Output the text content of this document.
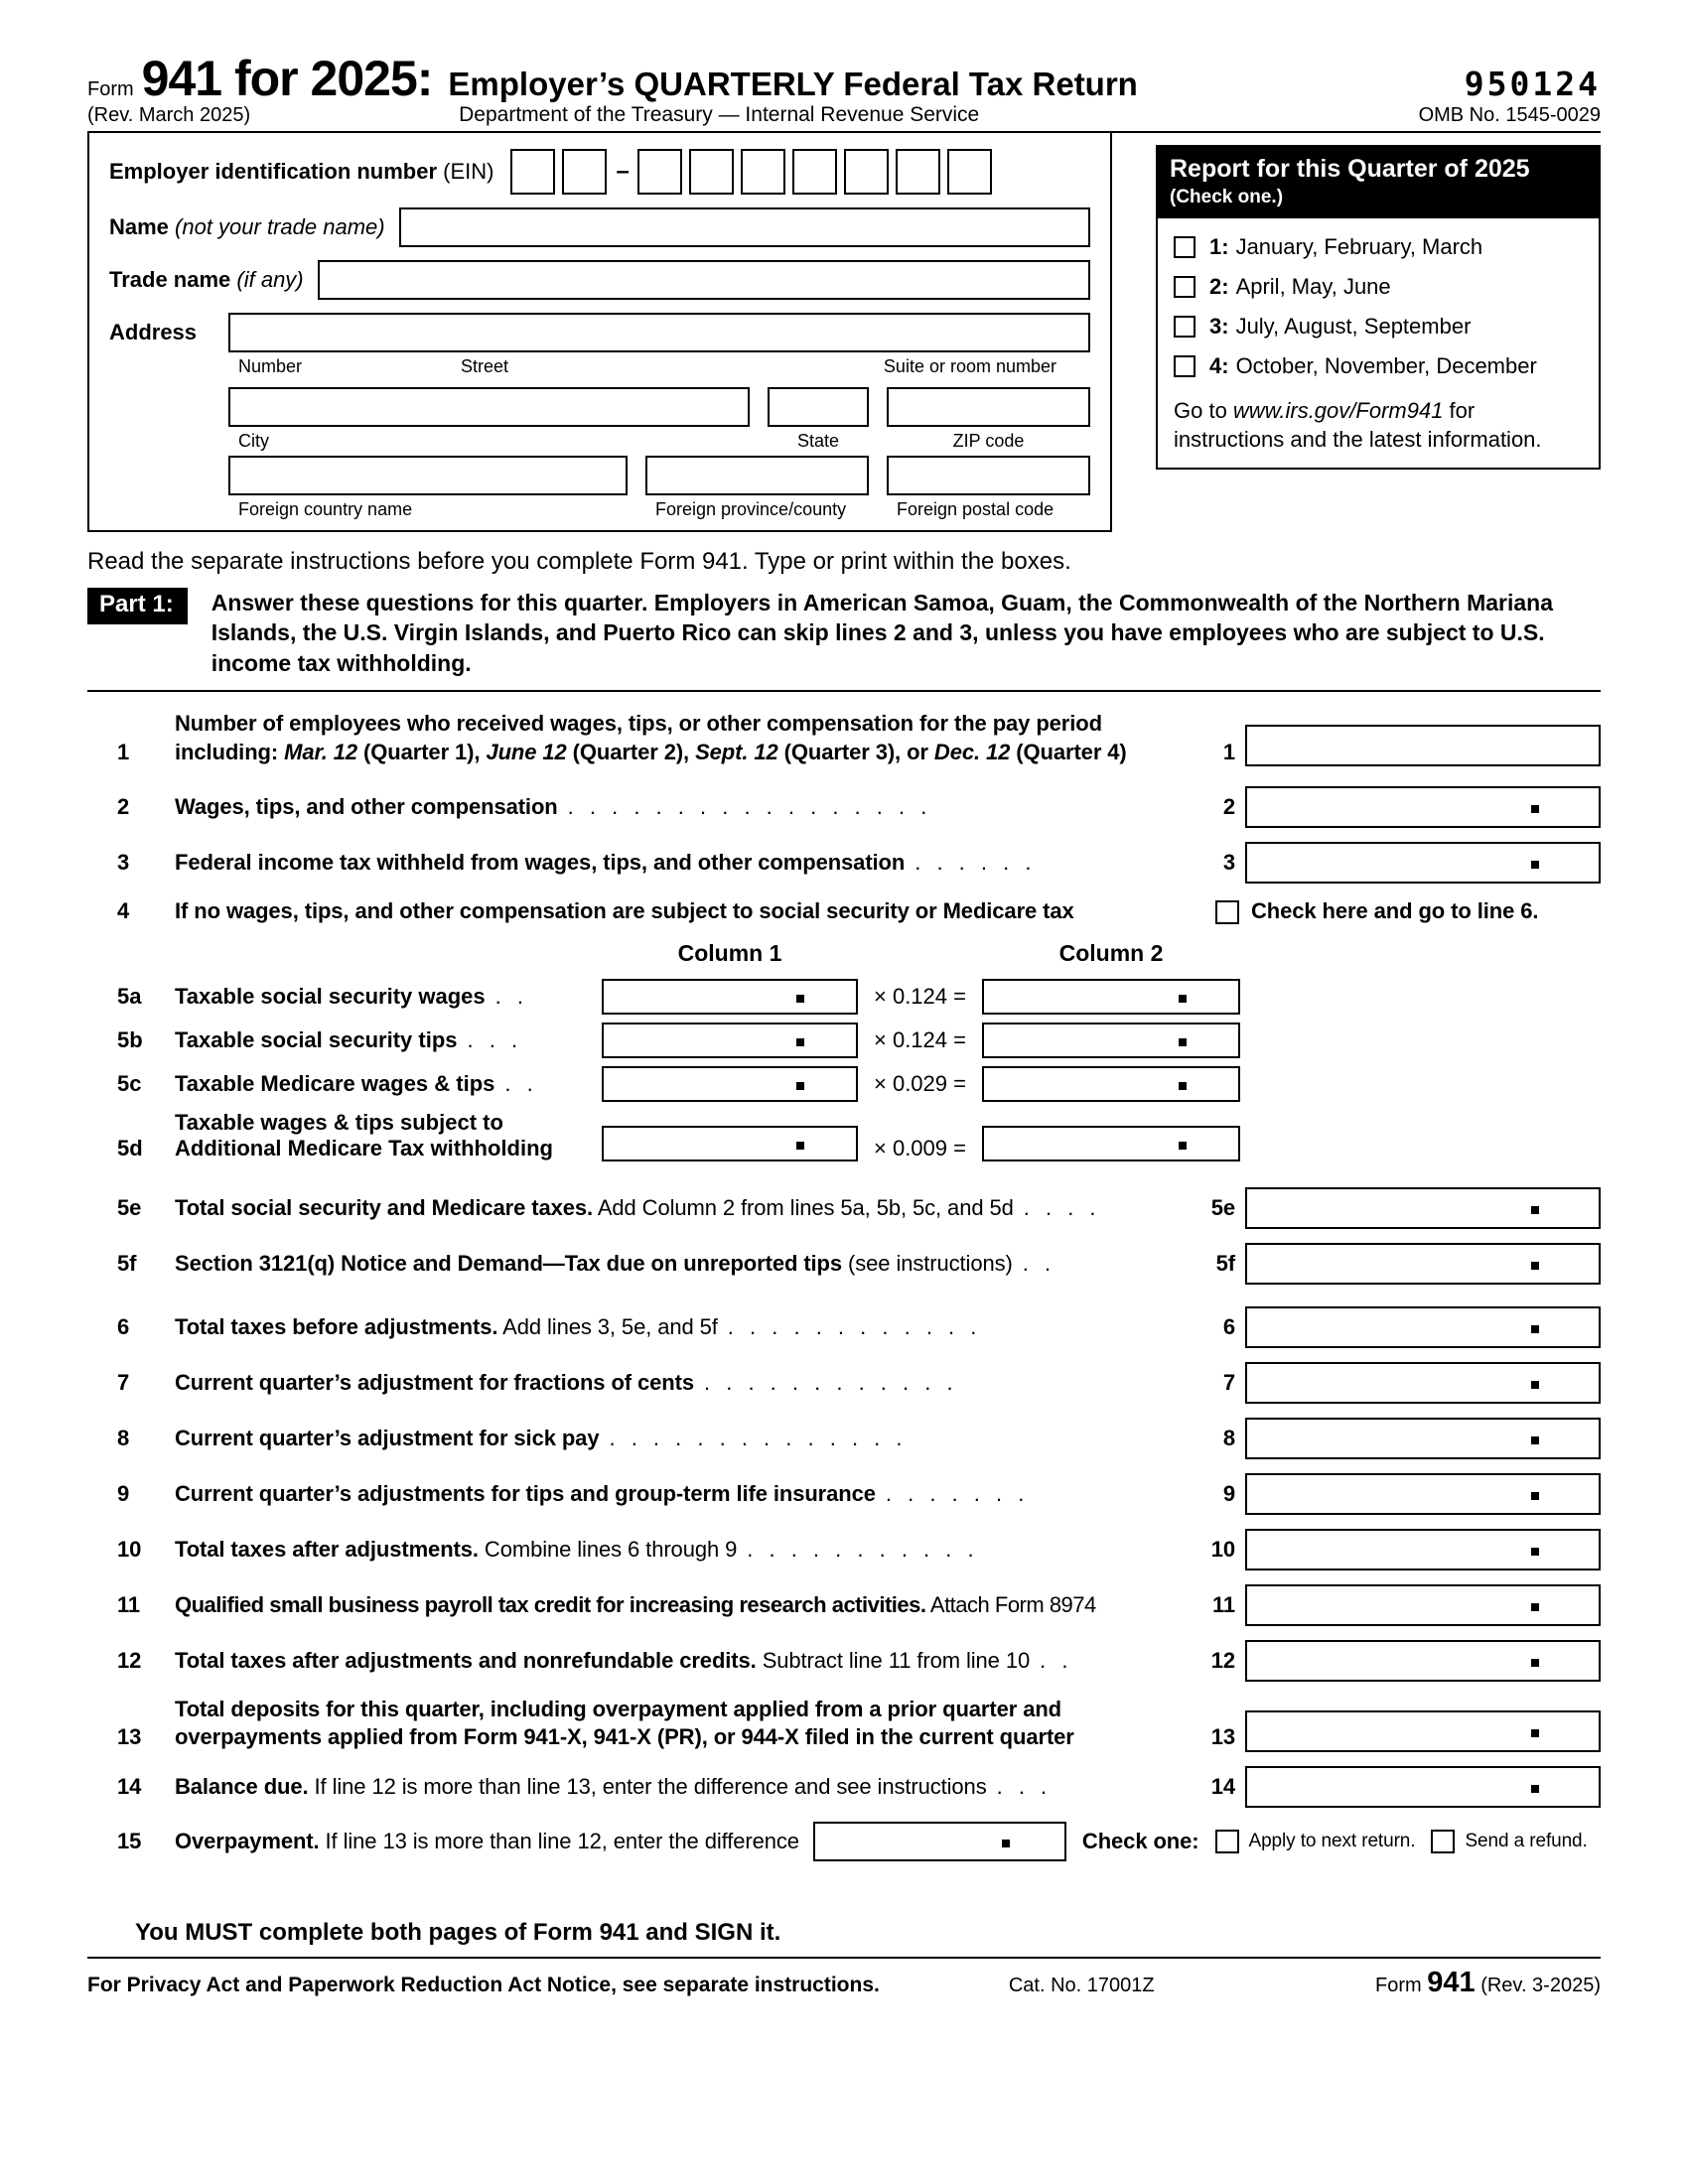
Form 941 for 2025: Employer’s QUARTERLY Federal Tax Return	950124
(Rev. March 2025)	Department of the Treasury — Internal Revenue Service	OMB No. 1545-0029
Employer identification number (EIN)	–
Name (not your trade name)
Trade name (if any)
Address
Number	Street	Suite or room number
City	State	ZIP code
Foreign country name	Foreign province/county	Foreign postal code
Report for this Quarter of 2025
(Check one.)
1: January, February, March
2: April, May, June
3: July, August, September
4: October, November, December
Go to www.irs.gov/Form941 for instructions and the latest information.
Read the separate instructions before you complete Form 941. Type or print within the boxes.
Part 1:	Answer these questions for this quarter. Employers in American Samoa, Guam, the Commonwealth of the Northern Mariana Islands, the U.S. Virgin Islands, and Puerto Rico can skip lines 2 and 3, unless you have employees who are subject to U.S. income tax withholding.
1
Number of employees who received wages, tips, or other compensation for the pay period
including: Mar. 12 (Quarter 1), June 12 (Quarter 2), Sept. 12 (Quarter 3), or Dec. 12 (Quarter 4)	1
2	Wages, tips, and other compensation . . . . . . . . . . . . . . . . .	2
3	Federal income tax withheld from wages, tips, and other compensation . . . . . .	3
4	If no wages, tips, and other compensation are subject to social security or Medicare tax	Check here and go to line 6.
Column 1	Column 2
5a	Taxable social security wages . .	× 0.124 =
5b	Taxable social security tips . . .	× 0.124 =
5c	Taxable Medicare wages & tips . .	× 0.029 =
5d
Taxable wages & tips subject to
Additional Medicare Tax withholding	× 0.009 =
5e	Total social security and Medicare taxes. Add Column 2 from lines 5a, 5b, 5c, and 5d . . . .	5e
5f	Section 3121(q) Notice and Demand—Tax due on unreported tips (see instructions) . .	5f
6	Total taxes before adjustments. Add lines 3, 5e, and 5f . . . . . . . . . . . .	6
7	Current quarter’s adjustment for fractions of cents . . . . . . . . . . . .	7
8	Current quarter’s adjustment for sick pay . . . . . . . . . . . . . .	8
9	Current quarter’s adjustments for tips and group-term life insurance . . . . . . .	9
10	Total taxes after adjustments. Combine lines 6 through 9 . . . . . . . . . . .	10
11	Qualified small business payroll tax credit for increasing research activities. Attach Form 8974	11
12	Total taxes after adjustments and nonrefundable credits. Subtract line 11 from line 10 . .	12
13
Total deposits for this quarter, including overpayment applied from a prior quarter and
overpayments applied from Form 941-X, 941-X (PR), or 944-X filed in the current quarter	13
14	Balance due. If line 12 is more than line 13, enter the difference and see instructions . . .	14
15	Overpayment. If line 13 is more than line 12, enter the difference	Check one:	Apply to next return.	Send a refund.
You MUST complete both pages of Form 941 and SIGN it.
For Privacy Act and Paperwork Reduction Act Notice, see separate instructions.	Cat. No. 17001Z	Form 941 (Rev. 3-2025)
